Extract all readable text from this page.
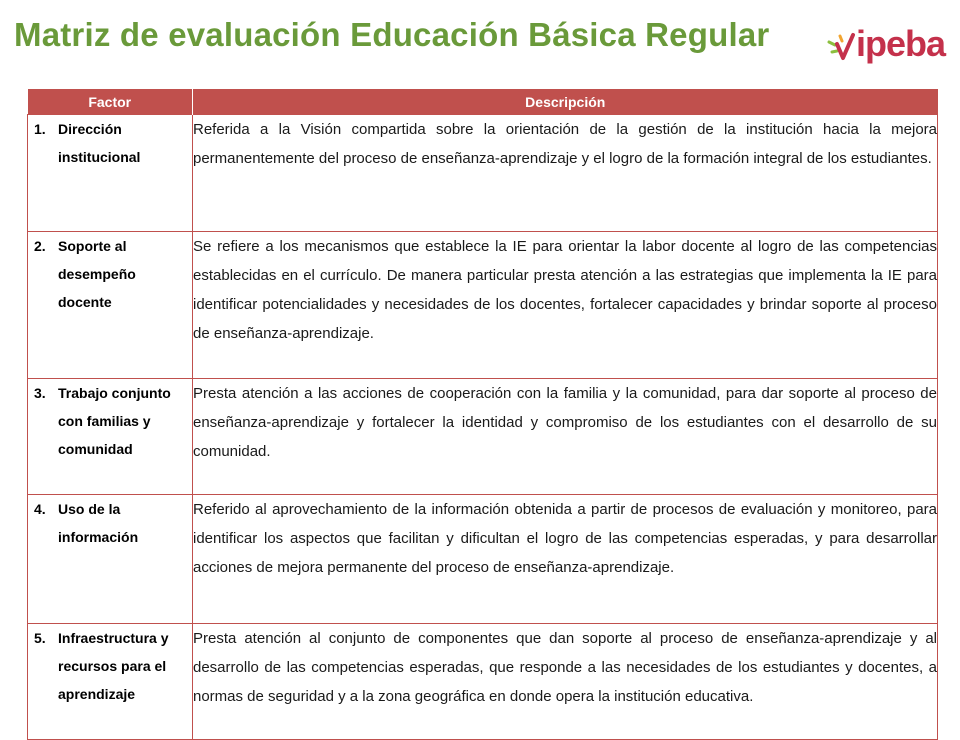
Matriz de evaluación Educación Básica Regular ipeba
Factor	Descripción

1. Dirección institucional	Referida a la Visión compartida sobre la orientación de la gestión de la institución hacia la mejora permanentemente del proceso de enseñanza-aprendizaje y el logro de la formación integral de los estudiantes.

2. Soporte al desempeño docente	Se refiere a los mecanismos que establece la IE para orientar la labor docente al logro de las competencias establecidas en el currículo. De manera particular presta atención a las estrategias que implementa la IE para identificar potencialidades y necesidades de los docentes, fortalecer capacidades y brindar soporte al proceso de enseñanza-aprendizaje.

3. Trabajo conjunto con familias y comunidad	Presta atención a las acciones de cooperación con la familia y la comunidad, para dar soporte al proceso de enseñanza-aprendizaje y fortalecer la identidad y compromiso de los estudiantes con el desarrollo de su comunidad.

4. Uso de la información	Referido al aprovechamiento de la información obtenida a partir de procesos de evaluación y monitoreo, para identificar los aspectos que facilitan y dificultan el logro de las competencias esperadas, y para desarrollar acciones de mejora permanente del proceso de enseñanza-aprendizaje.

5. Infraestructura y recursos para el aprendizaje	Presta atención al conjunto de componentes que dan soporte al proceso de enseñanza-aprendizaje y al desarrollo de las competencias esperadas, que responde a las necesidades de los estudiantes y docentes, a normas de seguridad y a la zona geográfica en donde opera la institución educativa.
